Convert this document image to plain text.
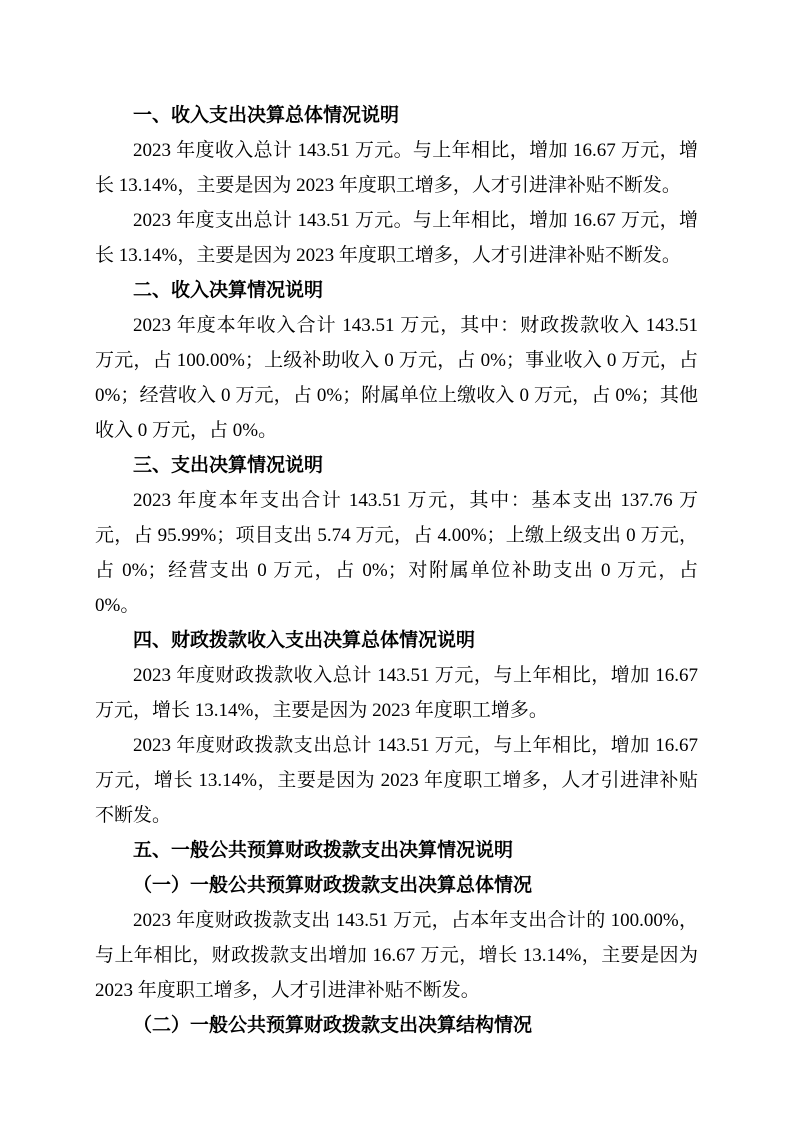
一、收入支出决算总体情况说明

2023 年度收入总计 143.51 万元。与上年相比，增加 16.67 万元，增长 13.14%，主要是因为 2023 年度职工增多，人才引进津补贴不断发。

2023 年度支出总计 143.51 万元。与上年相比，增加 16.67 万元，增长 13.14%，主要是因为 2023 年度职工增多，人才引进津补贴不断发。

二、收入决算情况说明

2023 年度本年收入合计 143.51 万元，其中：财政拨款收入 143.51 万元，占 100.00%；上级补助收入 0 万元，占 0%；事业收入 0 万元，占 0%；经营收入 0 万元，占 0%；附属单位上缴收入 0 万元，占 0%；其他收入 0 万元，占 0%。

三、支出决算情况说明

2023 年度本年支出合计 143.51 万元，其中：基本支出 137.76 万元，占 95.99%；项目支出 5.74 万元，占 4.00%；上缴上级支出 0 万元，占 0%；经营支出 0 万元，占 0%；对附属单位补助支出 0 万元，占 0%。

四、财政拨款收入支出决算总体情况说明

2023 年度财政拨款收入总计 143.51 万元，与上年相比，增加 16.67 万元，增长 13.14%，主要是因为 2023 年度职工增多。

2023 年度财政拨款支出总计 143.51 万元，与上年相比，增加 16.67 万元，增长 13.14%，主要是因为 2023 年度职工增多，人才引进津补贴不断发。

五、一般公共预算财政拨款支出决算情况说明

（一）一般公共预算财政拨款支出决算总体情况

2023 年度财政拨款支出 143.51 万元，占本年支出合计的 100.00%，与上年相比，财政拨款支出增加 16.67 万元，增长 13.14%，主要是因为 2023 年度职工增多，人才引进津补贴不断发。

（二）一般公共预算财政拨款支出决算结构情况
